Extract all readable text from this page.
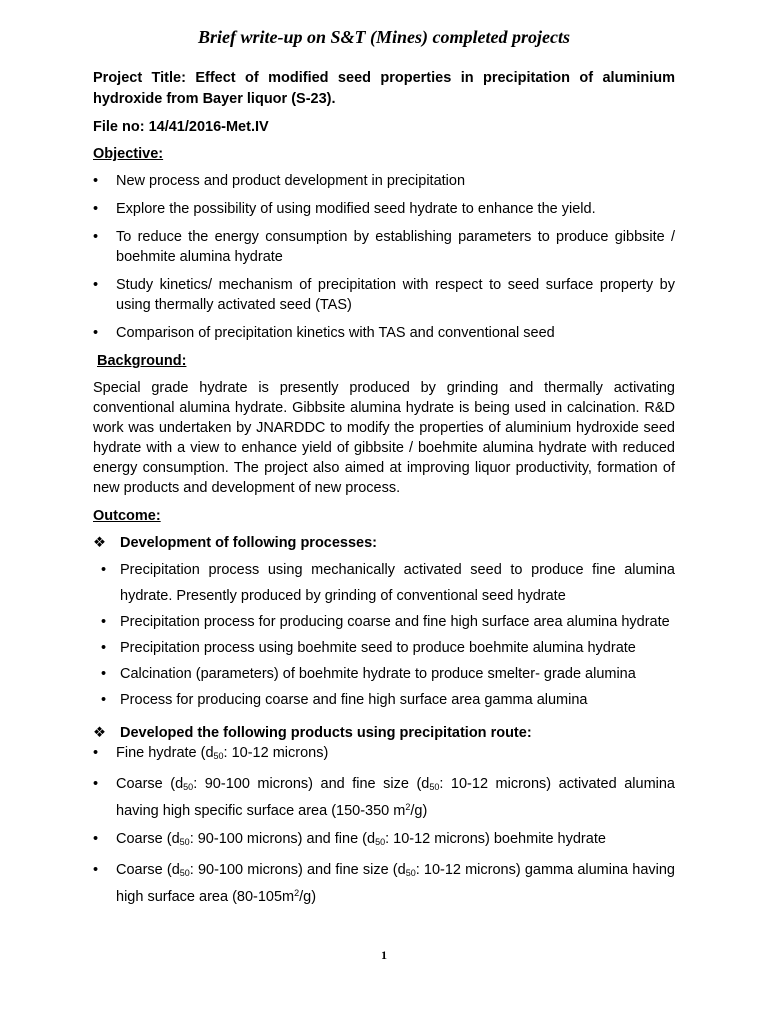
Brief write-up on S&T (Mines) completed projects

Project Title: Effect of modified seed properties in precipitation of aluminium hydroxide from Bayer liquor (S-23).

File no: 14/41/2016-Met.IV

Objective:

• New process and product development in precipitation
• Explore the possibility of using modified seed hydrate to enhance the yield.
• To reduce the energy consumption by establishing parameters to produce gibbsite / boehmite alumina hydrate
• Study kinetics/ mechanism of precipitation with respect to seed surface property by using thermally activated seed (TAS)
• Comparison of precipitation kinetics with TAS and conventional seed

Background:

Special grade hydrate is presently produced by grinding and thermally activating conventional alumina hydrate. Gibbsite alumina hydrate is being used in calcination. R&D work was undertaken by JNARDDC to modify the properties of aluminium hydroxide seed hydrate with a view to enhance yield of gibbsite / boehmite alumina hydrate with reduced energy consumption. The project also aimed at improving liquor productivity, formation of new products and development of new process.

Outcome:

❖ Development of following processes:

• Precipitation process using mechanically activated seed to produce fine alumina hydrate. Presently produced by grinding of conventional seed hydrate
• Precipitation process for producing coarse and fine high surface area alumina hydrate
• Precipitation process using boehmite seed to produce boehmite alumina hydrate
• Calcination (parameters) of boehmite hydrate to produce smelter- grade alumina
• Process for producing coarse and fine high surface area gamma alumina

❖ Developed the following products using precipitation route:

• Fine hydrate ($d_{50}$: 10-12 microns)
• Coarse ($d_{50}$: 90-100 microns) and fine size ($d_{50}$: 10-12 microns) activated alumina having high specific surface area (150-350 $m^2/g$)
• Coarse ($d_{50}$: 90-100 microns) and fine ($d_{50}$: 10-12 microns) boehmite hydrate
• Coarse ($d_{50}$: 90-100 microns) and fine size ($d_{50}$: 10-12 microns) gamma alumina having high surface area $(80-105m^2/g)$
1
